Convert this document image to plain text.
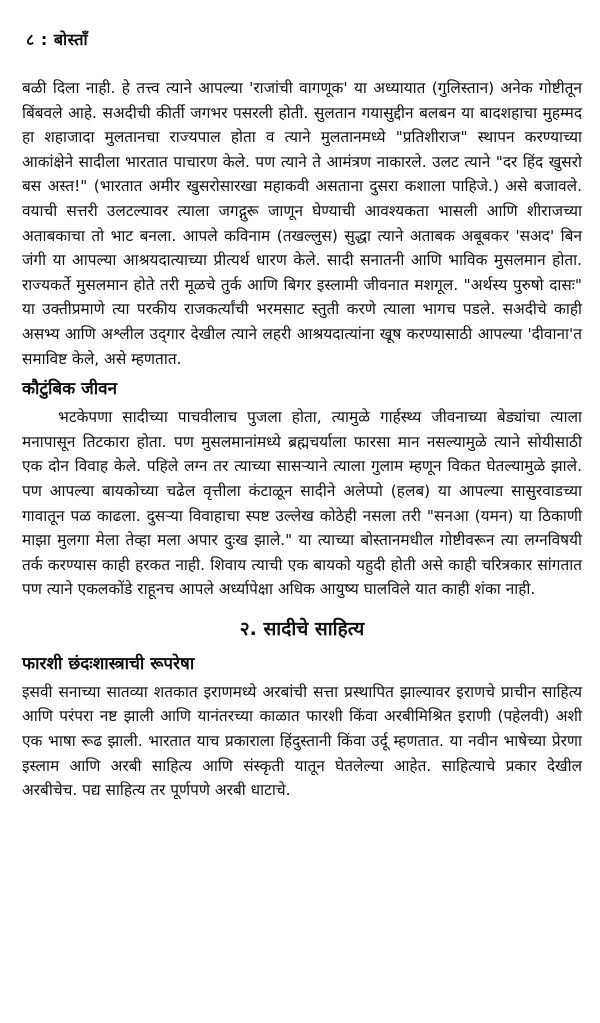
८ : बोस्ताँ

बळी दिला नाही. हे तत्त्व त्याने आपल्या 'राजांची वागणूक' या अध्यायात (गुलिस्तान) अनेक गोष्टीतून बिंबवले आहे. सअदीची कीर्ती जगभर पसरली होती. सुलतान गयासुद्दीन बलबन या बादशहाचा मुहम्मद हा शहाजादा मुलतानचा राज्यपाल होता व त्याने मुलतानमध्ये "प्रतिशीराज" स्थापन करण्याच्या आकांक्षेने सादीला भारतात पाचारण केले. पण त्याने ते आमंत्रण नाकारले. उलट त्याने "दर हिंद खुसरो बस अस्त!" (भारतात अमीर खुसरोसारखा महाकवी असताना दुसरा कशाला पाहिजे.) असे बजावले. वयाची सत्तरी उलटल्यावर त्याला जगद्गुरू जाणून घेण्याची आवश्यकता भासली आणि शीराजच्या अताबकाचा तो भाट बनला. आपले कविनाम (तखल्लुस) सुद्धा त्याने अताबक अबूबकर 'सअद' बिन जंगी या आपल्या आश्रयदात्याच्या प्रीत्यर्थ धारण केले. सादी सनातनी आणि भाविक मुसलमान होता. राज्यकर्ते मुसलमान होते तरी मूळचे तुर्क आणि बिगर इस्लामी जीवनात मशगूल. "अर्थस्य पुरुषो दासः" या उक्तीप्रमाणे त्या परकीय राजकर्त्यांची भरमसाट स्तुती करणे त्याला भागच पडले. सअदीचे काही असभ्य आणि अश्लील उद्‌गार देखील त्याने लहरी आश्रयदात्यांना खूष करण्यासाठी आपल्या 'दीवाना'त समाविष्ट केले, असे म्हणतात.

कौटुंबिक जीवन

भटकेपणा सादीच्या पाचवीलाच पुजला होता, त्यामुळे गार्हस्थ्य जीवनाच्या बेड्यांचा त्याला मनापासून तिटकारा होता. पण मुसलमानांमध्ये ब्रह्मचर्याला फारसा मान नसल्यामुळे त्याने सोयीसाठी एक दोन विवाह केले. पहिले लग्न तर त्याच्या सासऱ्याने त्याला गुलाम म्हणून विकत घेतल्यामुळे झाले. पण आपल्या बायकोच्या चढेल वृत्तीला कंटाळून सादीने अलेप्पो (हलब) या आपल्या सासुरवाडच्या गावातून पळ काढला. दुसऱ्या विवाहाचा स्पष्ट उल्लेख कोठेही नसला तरी "सनआ (यमन) या ठिकाणी माझा मुलगा मेला तेव्हा मला अपार दुःख झाले." या त्याच्या बोस्तानमधील गोष्टीवरून त्या लग्नविषयी तर्क करण्यास काही हरकत नाही. शिवाय त्याची एक बायको यहुदी होती असे काही चरित्रकार सांगतात पण त्याने एकलकोंडे राहूनच आपले अर्ध्यापेक्षा अधिक आयुष्य घालविले यात काही शंका नाही.

२. सादीचे साहित्य
फारशी छंदःशास्त्राची रूपरेषा

इसवी सनाच्या सातव्या शतकात इराणमध्ये अरबांची सत्ता प्रस्थापित झाल्यावर इराणचे प्राचीन साहित्य आणि परंपरा नष्ट झाली आणि यानंतरच्या काळात फारशी किंवा अरबीमिश्रित इराणी (पहेलवी) अशी एक भाषा रूढ झाली. भारतात याच प्रकाराला हिंदुस्तानी किंवा उर्दू म्हणतात. या नवीन भाषेच्या प्रेरणा इस्लाम आणि अरबी साहित्य आणि संस्कृती यातून घेतलेल्या आहेत. साहित्याचे प्रकार देखील अरबीचेच. पद्य साहित्य तर पूर्णपणे अरबी धाटाचे.
